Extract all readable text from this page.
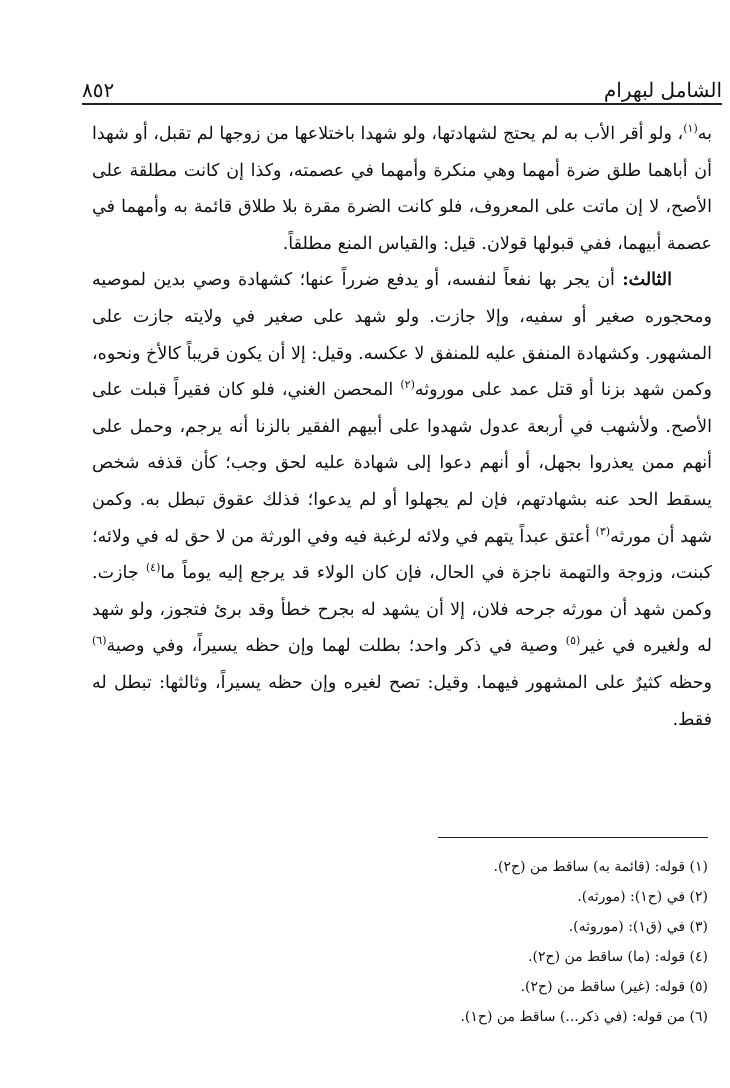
الشامل لبهرام
٨٥٢

به$^{(١)}$، ولو أقر الأب به لم يحتج لشهادتها، ولو شهدا باختلاعها من زوجها لم تقبل، أو شهدا أن أباهما طلق ضرة أمهما وهي منكرة وأمهما في عصمته، وكذا إن كانت مطلقة على الأصح، لا إن ماتت على المعروف، فلو كانت الضرة مقرة بلا طلاق قائمة به وأمهما في عصمة أبيهما، ففي قبولها قولان. قيل: والقياس المنع مطلقاً.

الثالث: أن يجر بها نفعاً لنفسه، أو يدفع ضرراً عنها؛ كشهادة وصي بدين لموصيه ومحجوره صغير أو سفيه، وإلا جازت. ولو شهد على صغير في ولايته جازت على المشهور. وكشهادة المنفق عليه للمنفق لا عكسه. وقيل: إلا أن يكون قريباً كالأخ ونحوه، وكمن شهد بزنا أو قتل عمد على موروثه$^{(٢)}$ المحصن الغني، فلو كان فقيراً قبلت على الأصح. ولأشهب في أربعة عدول شهدوا على أبيهم الفقير بالزنا أنه يرجم، وحمل على أنهم ممن يعذروا بجهل، أو أنهم دعوا إلى شهادة عليه لحق وجب؛ كأن قذفه شخص يسقط الحد عنه بشهادتهم، فإن لم يجهلوا أو لم يدعوا؛ فذلك عقوق تبطل به. وكمن شهد أن مورثه$^{(٣)}$ أعتق عبداً يتهم في ولائه لرغبة فيه وفي الورثة من لا حق له في ولائه؛ كبنت، وزوجة والتهمة ناجزة في الحال، فإن كان الولاء قد يرجع إليه يوماً ما$^{(٤)}$ جازت. وكمن شهد أن مورثه جرحه فلان، إلا أن يشهد له بجرح خطأ وقد برئ فتجوز، ولو شهد له ولغيره في غير$^{(٥)}$ وصية في ذكر واحد؛ بطلت لهما وإن حظه يسيراً، وفي وصية$^{(٦)}$ وحظه كثيرٌ على المشهور فيهما. وقيل: تصح لغيره وإن حظه يسيراً، وثالثها: تبطل له فقط.

(١) قوله: (قائمة به) ساقط من (ح٢).
(٢) في (ح١): (مورثه).
(٣) في (ق١): (موروثه).
(٤) قوله: (ما) ساقط من (ح٢).
(٥) قوله: (غير) ساقط من (ح٢).
(٦) من قوله: (في ذكر...) ساقط من (ح١).
